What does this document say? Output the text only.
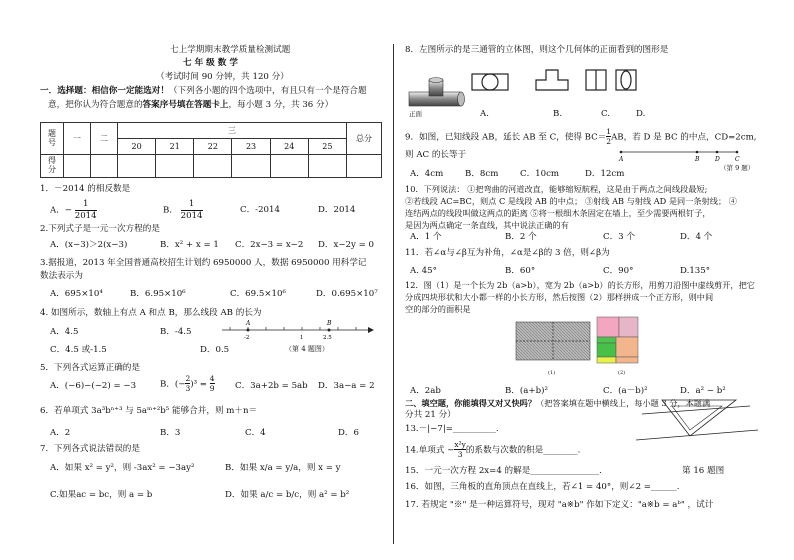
七上学期期末教学质量检测试题
七 年 级 数 学
（考试时间 90 分钟，共 120 分）
一．选择题：相信你一定能选对！（下列各小题的四个选项中，有且只有一个是符合题
意，把你认为符合题意的答案序号填在答题卡上，每小题 3 分，共 36 分）
题
号	一	二	三						总分
			20	21	22	23	24	25	
得
分									
1．－2014 的相反数是
A．− $\frac{1}{2014}$	B． $\frac{1}{2014}$	C．-2014	D．2014
2.下列式子是一元一次方程的是
A．(x−3)＞2(x−3)	B．x² + x = 1 C．2x−3 = x−2 D．x−2y = 0
3.据报道，2013 年全国普通高校招生计划约 6950000 人，数据 6950000 用科学记
数法表示为
A．695×10⁴	B．6.95×10⁶	C．69.5×10⁶	D．0.695×10⁷
4. 如图所示，数轴上有点 A 和点 B，那么线段 AB 的长为
A．4.5	B．-4.5
C．4.5 或-1.5	D．0.5
A	B
-2	1	2.5
（第 4 题图）
5．下列各式运算正确的是
A．(−6)−(−2) = −3	B．(− $\frac{2}{3} )^3 = \frac{4}{9}$ C．3a+2b = 5ab D．3a−a = 2
6．若单项式 3a³bⁿ⁺³ 与 5aᵐ⁺²b⁵ 能够合并，则 m＋n＝
A．2	B．3	C．4	D．6
7．下列各式说法错误的是
A．如果 x² = y²，则 -3ax² = −3ay²	B．如果 x/a = y/a，则 x = y
C.如果ac = bc，则 a = b	D．如果 a/c = b/c，则 a² = b²
8．左图所示的是三通管的立体图，则这个几何体的正面看到的图形是
正面	A.	B.	C.	D.
9．如图，已知线段 AB，延长 AB 至 C，使得 $BC= \frac{1}{2}$ AB，若 D 是 BC 的中点，CD=2cm,
则 AC 的长等于	A	B	D	C
（第 9 题）
A．4cm	B．8cm	C．10cm	D．12cm
10．下列说法： ①把弯曲的河道改直，能够缩短航程，这是由于两点之间线段最短;
②若线段 AC=BC，则点 C 是线段 AB 的中点； ③射线 AB 与射线 AD 是同一条射线； ④
连结两点的线段叫做这两点的距离 ⑤将一根细木条固定在墙上，至少需要两根钉子，
是因为两点确定一条直线，其中说法正确的有
A．1 个	B．2 个	C．3 个	D．4 个
11．若∠α与∠β互为补角，∠α是∠β的 3 倍，则∠β为
A. 45°	B．60°	C．90°	D.135°
12．图（1）是一个长为 2b（a>b），宽为 2b（a>b）的长方形，用剪刀沿图中虚线剪开，把它
分成四块形状和大小都一样的小长方形，然后按图（2）那样拼成一个正方形，则中间
空的部分的面积是
(1)	(2)
A．2ab	B．(a+b)²	C．(a－b)²	D．a² − b²
二、填空题，你能填得又对又快吗？（把答案填在题中横线上，每小题 3 分，本题满
分共 21 分）
13.－|−7|=__________.
14.单项式 − $\frac{\text{x²y}}{3}$ 的系数与次数的积是________.
15．一元一次方程 2x=4 的解是________________.	第 16 题图
16．如图，三角板的直角顶点在直线上，若∠1 = 40°，则∠2 =______.
17. 若规定 "※" 是一种运算符号，现对 "a※b" 作如下定义："a※b = aᵇ" ，试计
